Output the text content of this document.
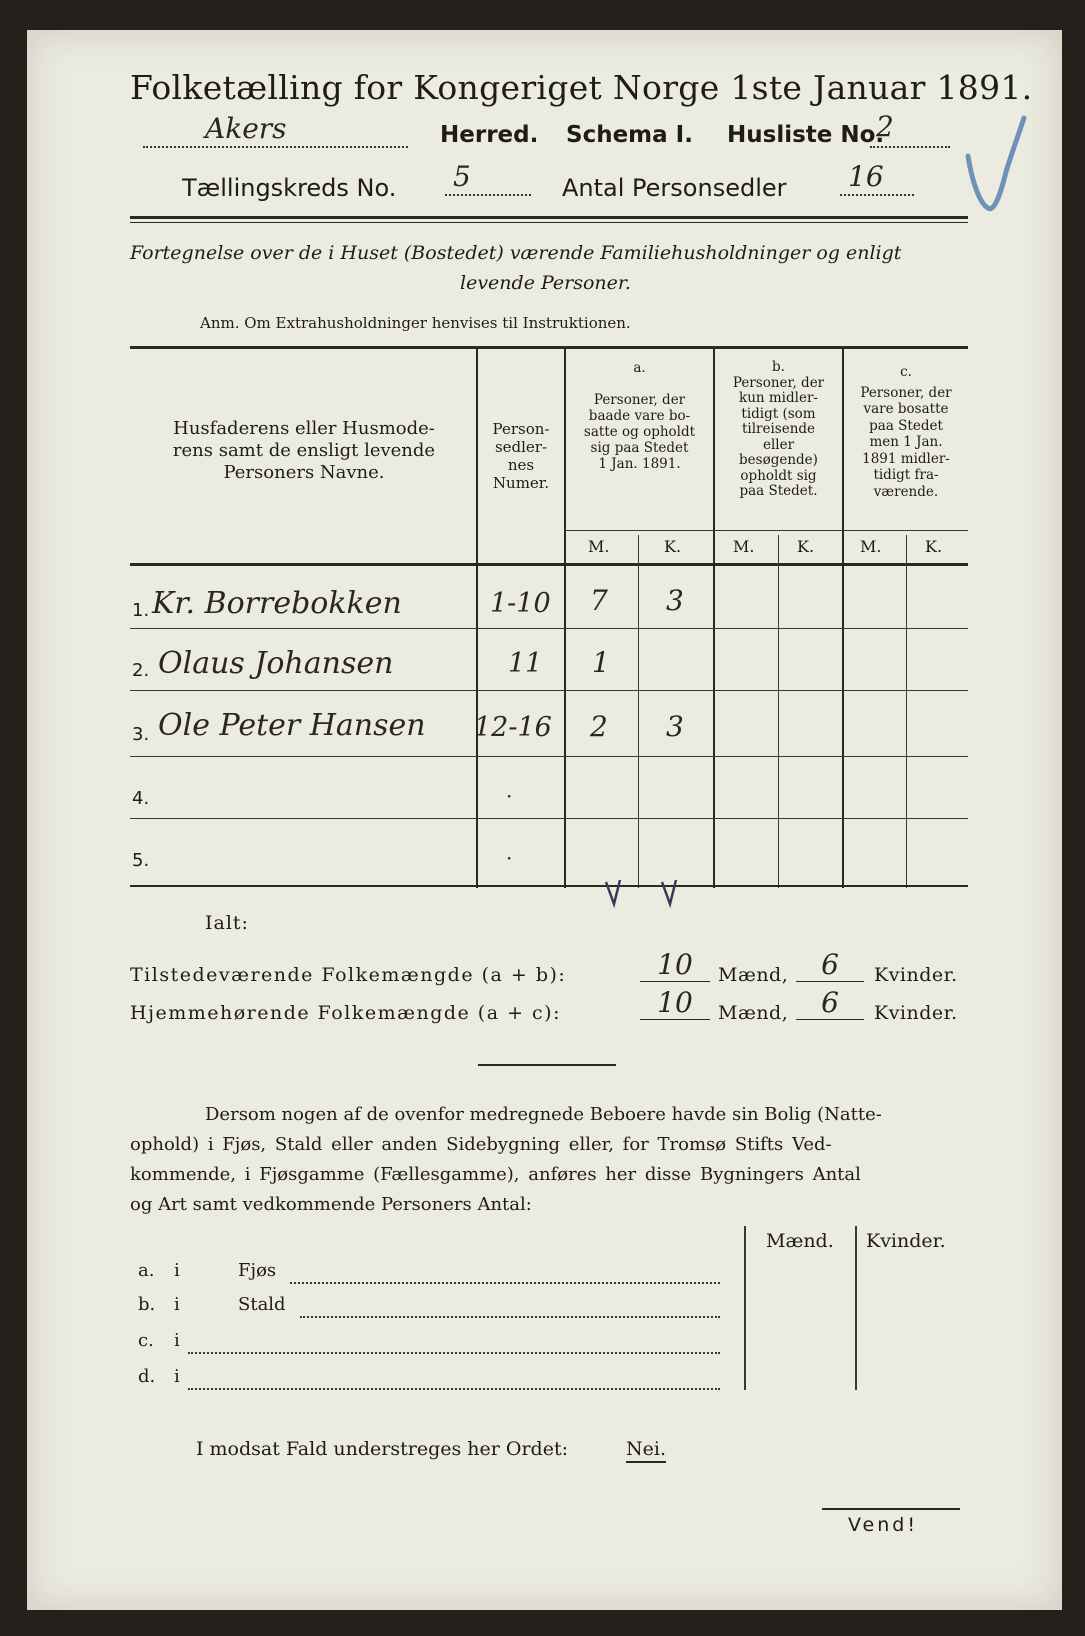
Folketælling for Kongeriget Norge 1ste Januar 1891.
Akers	Herred. Schema I. Husliste No.
2
Tællingskreds No. 5	Antal Personsedler 16
Fortegnelse over de i Huset (Bostedet) værende Familiehusholdninger og enligt
levende Personer.
Anm. Om Extrahusholdninger henvises til Instruktionen.
Husfaderens eller Husmode-
rens samt de ensligt levende
Personers Navne.
Person-
sedler-
nes
Numer.
a.
Personer, der
baade vare bo-
satte og opholdt
sig paa Stedet
1 Jan. 1891.
b.
Personer, der
kun midler-
tidigt (som
tilreisende
eller
besøgende)
opholdt sig
paa Stedet.
c.
Personer, der
vare bosatte
paa Stedet
men 1 Jan.
1891 midler-
tidigt fra-
værende.
M.	K.	M.	K.	M.	K.
1. Kr. Borrebokken	1-10 7 3
2. Olaus Johansen	11 1
3. Ole Peter Hansen 12-16 2 3
4.	·
5.	·
Ialt:
Tilstedeværende Folkemængde (a + b):	10	Mænd,	6	Kvinder.
Hjemmehørende Folkemængde (a + c):	10	Mænd,	6	Kvinder.
Dersom nogen af de ovenfor medregnede Beboere havde sin Bolig (Natte-
ophold) i Fjøs, Stald eller anden Sidebygning eller, for Tromsø Stifts Ved-
kommende, i Fjøsgamme (Fællesgamme), anføres her disse Bygningers Antal
og Art samt vedkommende Personers Antal:
Mænd. Kvinder.
a. i	Fjøs
b. i	Stald
c. i
d. i
I modsat Fald understreges her Ordet:	Nei.
Vend!
